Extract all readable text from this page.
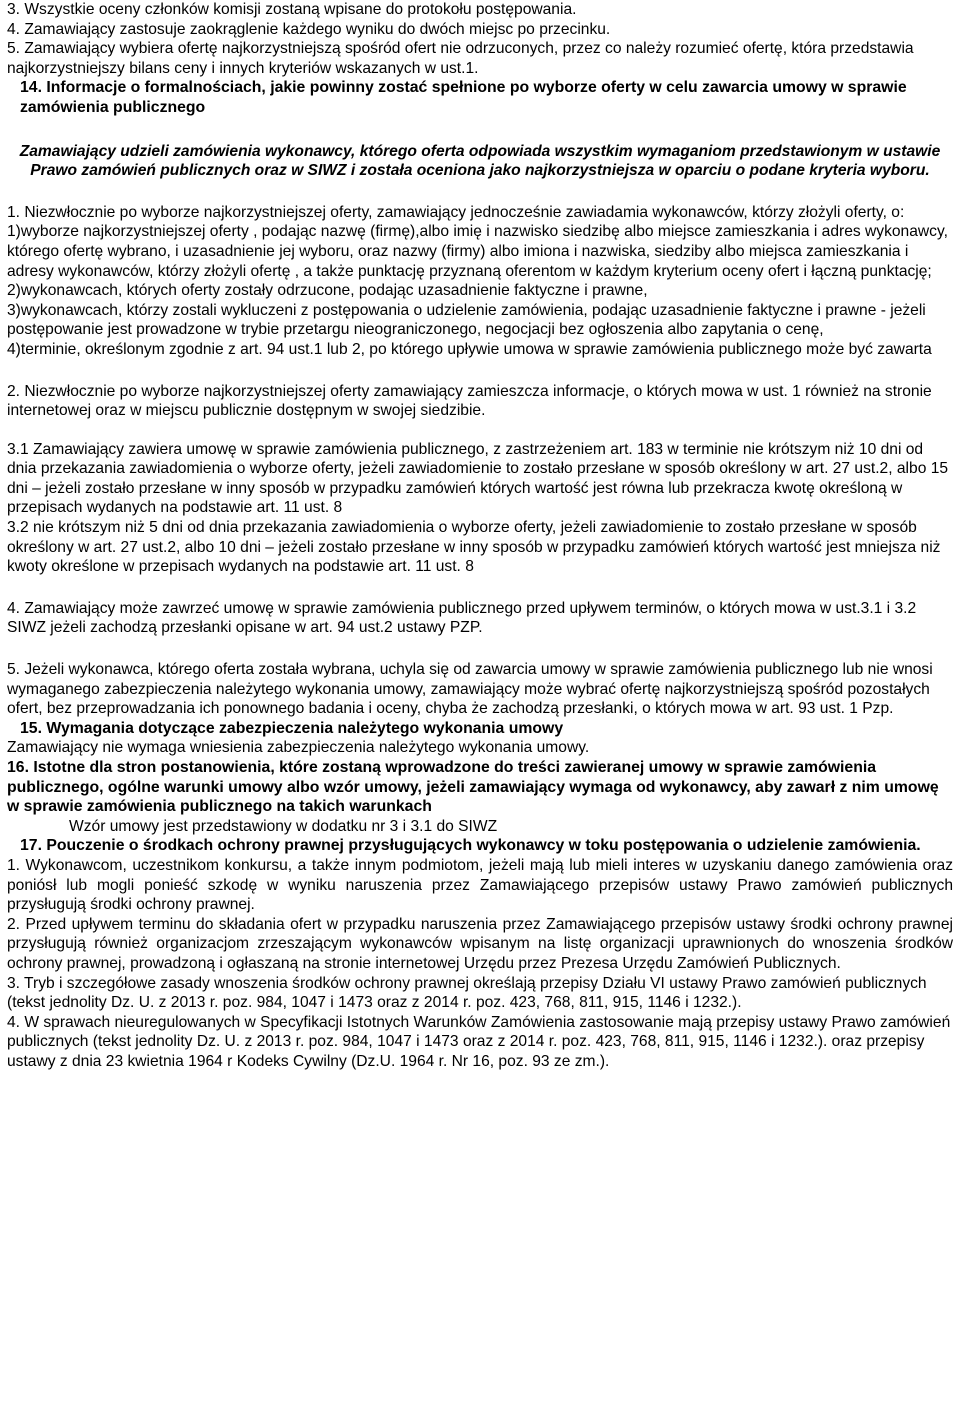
3. Wszystkie oceny członków komisji zostaną wpisane do protokołu postępowania.

4. Zamawiający zastosuje zaokrąglenie każdego wyniku do dwóch miejsc po przecinku.

5. Zamawiający wybiera ofertę najkorzystniejszą spośród ofert nie odrzuconych, przez co należy rozumieć ofertę, która przedstawia najkorzystniejszy bilans ceny i innych kryteriów wskazanych w ust.1.

14. Informacje o formalnościach, jakie powinny zostać spełnione po wyborze oferty w celu zawarcia umowy w sprawie zamówienia publicznego

Zamawiający udzieli zamówienia wykonawcy, którego oferta odpowiada wszystkim wymaganiom przedstawionym w ustawie Prawo zamówień publicznych oraz w SIWZ i została oceniona jako najkorzystniejsza w oparciu o podane kryteria wyboru.

1. Niezwłocznie po wyborze najkorzystniejszej oferty, zamawiający jednocześnie zawiadamia wykonawców, którzy złożyli oferty, o:

1)wyborze najkorzystniejszej oferty , podając nazwę (firmę),albo imię i nazwisko siedzibę albo miejsce zamieszkania i adres wykonawcy, którego ofertę wybrano, i uzasadnienie jej wyboru, oraz nazwy (firmy) albo imiona i nazwiska, siedziby albo miejsca zamieszkania i adresy wykonawców, którzy złożyli ofertę , a także punktację przyznaną oferentom w każdym kryterium oceny ofert i łączną punktację;

2)wykonawcach, których oferty zostały odrzucone, podając uzasadnienie faktyczne i prawne,

3)wykonawcach, którzy zostali wykluczeni z postępowania o udzielenie zamówienia, podając uzasadnienie faktyczne i prawne - jeżeli postępowanie jest prowadzone w trybie przetargu nieograniczonego, negocjacji bez ogłoszenia albo zapytania o cenę,

4)terminie, określonym zgodnie z art. 94 ust.1 lub 2, po którego upływie umowa w sprawie zamówienia publicznego może być zawarta

2. Niezwłocznie po wyborze najkorzystniejszej oferty zamawiający zamieszcza informacje, o których mowa w ust. 1 również na stronie internetowej oraz w miejscu publicznie dostępnym w swojej siedzibie.

3.1 Zamawiający zawiera umowę w sprawie zamówienia publicznego, z zastrzeżeniem art. 183 w terminie nie krótszym niż 10 dni od dnia przekazania zawiadomienia o wyborze oferty, jeżeli zawiadomienie to zostało przesłane w sposób określony w art. 27 ust.2, albo 15 dni – jeżeli zostało przesłane w inny sposób w przypadku zamówień których wartość jest równa lub przekracza kwotę określoną w przepisach wydanych na podstawie art. 11 ust. 8

3.2 nie krótszym niż 5 dni od dnia przekazania zawiadomienia o wyborze oferty, jeżeli zawiadomienie to zostało przesłane w sposób określony w art. 27 ust.2, albo 10 dni – jeżeli zostało przesłane w inny sposób w przypadku zamówień których wartość jest mniejsza niż kwoty określone w przepisach wydanych na podstawie art. 11 ust. 8

4. Zamawiający może zawrzeć umowę w sprawie zamówienia publicznego przed upływem terminów, o których mowa w ust.3.1 i 3.2 SIWZ jeżeli zachodzą przesłanki opisane w art. 94 ust.2 ustawy PZP.

5. Jeżeli wykonawca, którego oferta została wybrana, uchyla się od zawarcia umowy w sprawie zamówienia publicznego lub nie wnosi wymaganego zabezpieczenia należytego wykonania umowy, zamawiający może wybrać ofertę najkorzystniejszą spośród pozostałych ofert, bez przeprowadzania ich ponownego badania i oceny, chyba że zachodzą przesłanki, o których mowa w art. 93 ust. 1 Pzp.

15. Wymagania dotyczące zabezpieczenia należytego wykonania umowy

Zamawiający nie wymaga wniesienia zabezpieczenia należytego wykonania umowy.

16. Istotne dla stron postanowienia, które zostaną wprowadzone do treści zawieranej umowy w sprawie zamówienia publicznego, ogólne warunki umowy albo wzór umowy, jeżeli zamawiający wymaga od wykonawcy, aby zawarł z nim umowę w sprawie zamówienia publicznego na takich warunkach

Wzór umowy jest przedstawiony w dodatku nr 3 i 3.1 do SIWZ

17. Pouczenie o środkach ochrony prawnej przysługujących wykonawcy w toku postępowania o udzielenie zamówienia.

1. Wykonawcom, uczestnikom konkursu, a także innym podmiotom, jeżeli mają lub mieli interes w uzyskaniu danego zamówienia oraz poniósł lub mogli ponieść szkodę w wyniku naruszenia przez Zamawiającego przepisów ustawy Prawo zamówień publicznych przysługują środki ochrony prawnej.

2. Przed upływem terminu do składania ofert w przypadku naruszenia przez Zamawiającego przepisów ustawy środki ochrony prawnej przysługują również organizacjom zrzeszającym wykonawców wpisanym na listę organizacji uprawnionych do wnoszenia środków ochrony prawnej, prowadzoną i ogłaszaną na stronie internetowej Urzędu przez Prezesa Urzędu Zamówień Publicznych.

3. Tryb i szczegółowe zasady wnoszenia środków ochrony prawnej określają przepisy Działu VI ustawy Prawo zamówień publicznych (tekst jednolity Dz. U. z 2013 r. poz. 984, 1047 i 1473 oraz z 2014 r. poz. 423, 768, 811, 915, 1146 i 1232.).

4. W sprawach nieuregulowanych w Specyfikacji Istotnych Warunków Zamówienia zastosowanie mają przepisy ustawy Prawo zamówień publicznych (tekst jednolity Dz. U. z 2013 r. poz. 984, 1047 i 1473 oraz z 2014 r. poz. 423, 768, 811, 915, 1146 i 1232.). oraz przepisy ustawy z dnia 23 kwietnia 1964 r Kodeks Cywilny (Dz.U. 1964 r. Nr 16, poz. 93 ze zm.).
